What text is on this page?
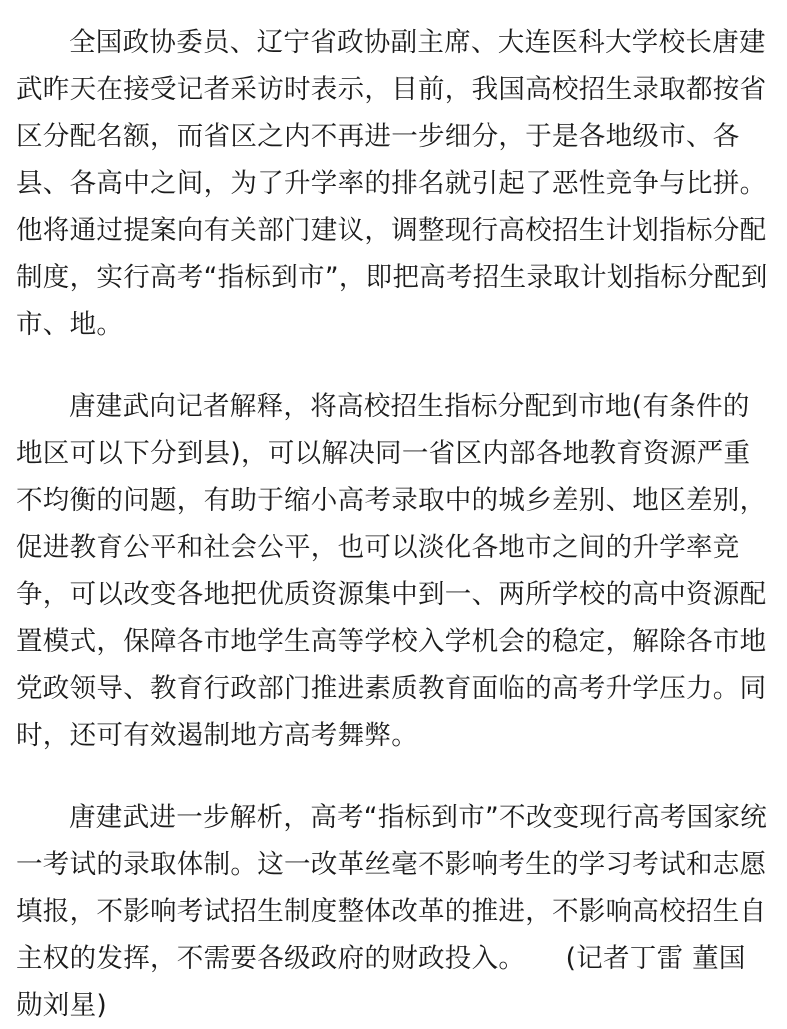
全国政协委员、辽宁省政协副主席、大连医科大学校长唐建武昨天在接受记者采访时表示，目前，我国高校招生录取都按省区分配名额，而省区之内不再进一步细分，于是各地级市、各县、各高中之间，为了升学率的排名就引起了恶性竞争与比拼。他将通过提案向有关部门建议，调整现行高校招生计划指标分配制度，实行高考“指标到市”，即把高考招生录取计划指标分配到市、地。

唐建武向记者解释，将高校招生指标分配到市地(有条件的地区可以下分到县)，可以解决同一省区内部各地教育资源严重不均衡的问题，有助于缩小高考录取中的城乡差别、地区差别，促进教育公平和社会公平，也可以淡化各地市之间的升学率竞争，可以改变各地把优质资源集中到一、两所学校的高中资源配置模式，保障各市地学生高等学校入学机会的稳定，解除各市地党政领导、教育行政部门推进素质教育面临的高考升学压力。同时，还可有效遏制地方高考舞弊。

唐建武进一步解析，高考“指标到市”不改变现行高考国家统一考试的录取体制。这一改革丝毫不影响考生的学习考试和志愿填报，不影响考试招生制度整体改革的推进，不影响高校招生自主权的发挥，不需要各级政府的财政投入。   (记者丁雷 董国勋刘星)
